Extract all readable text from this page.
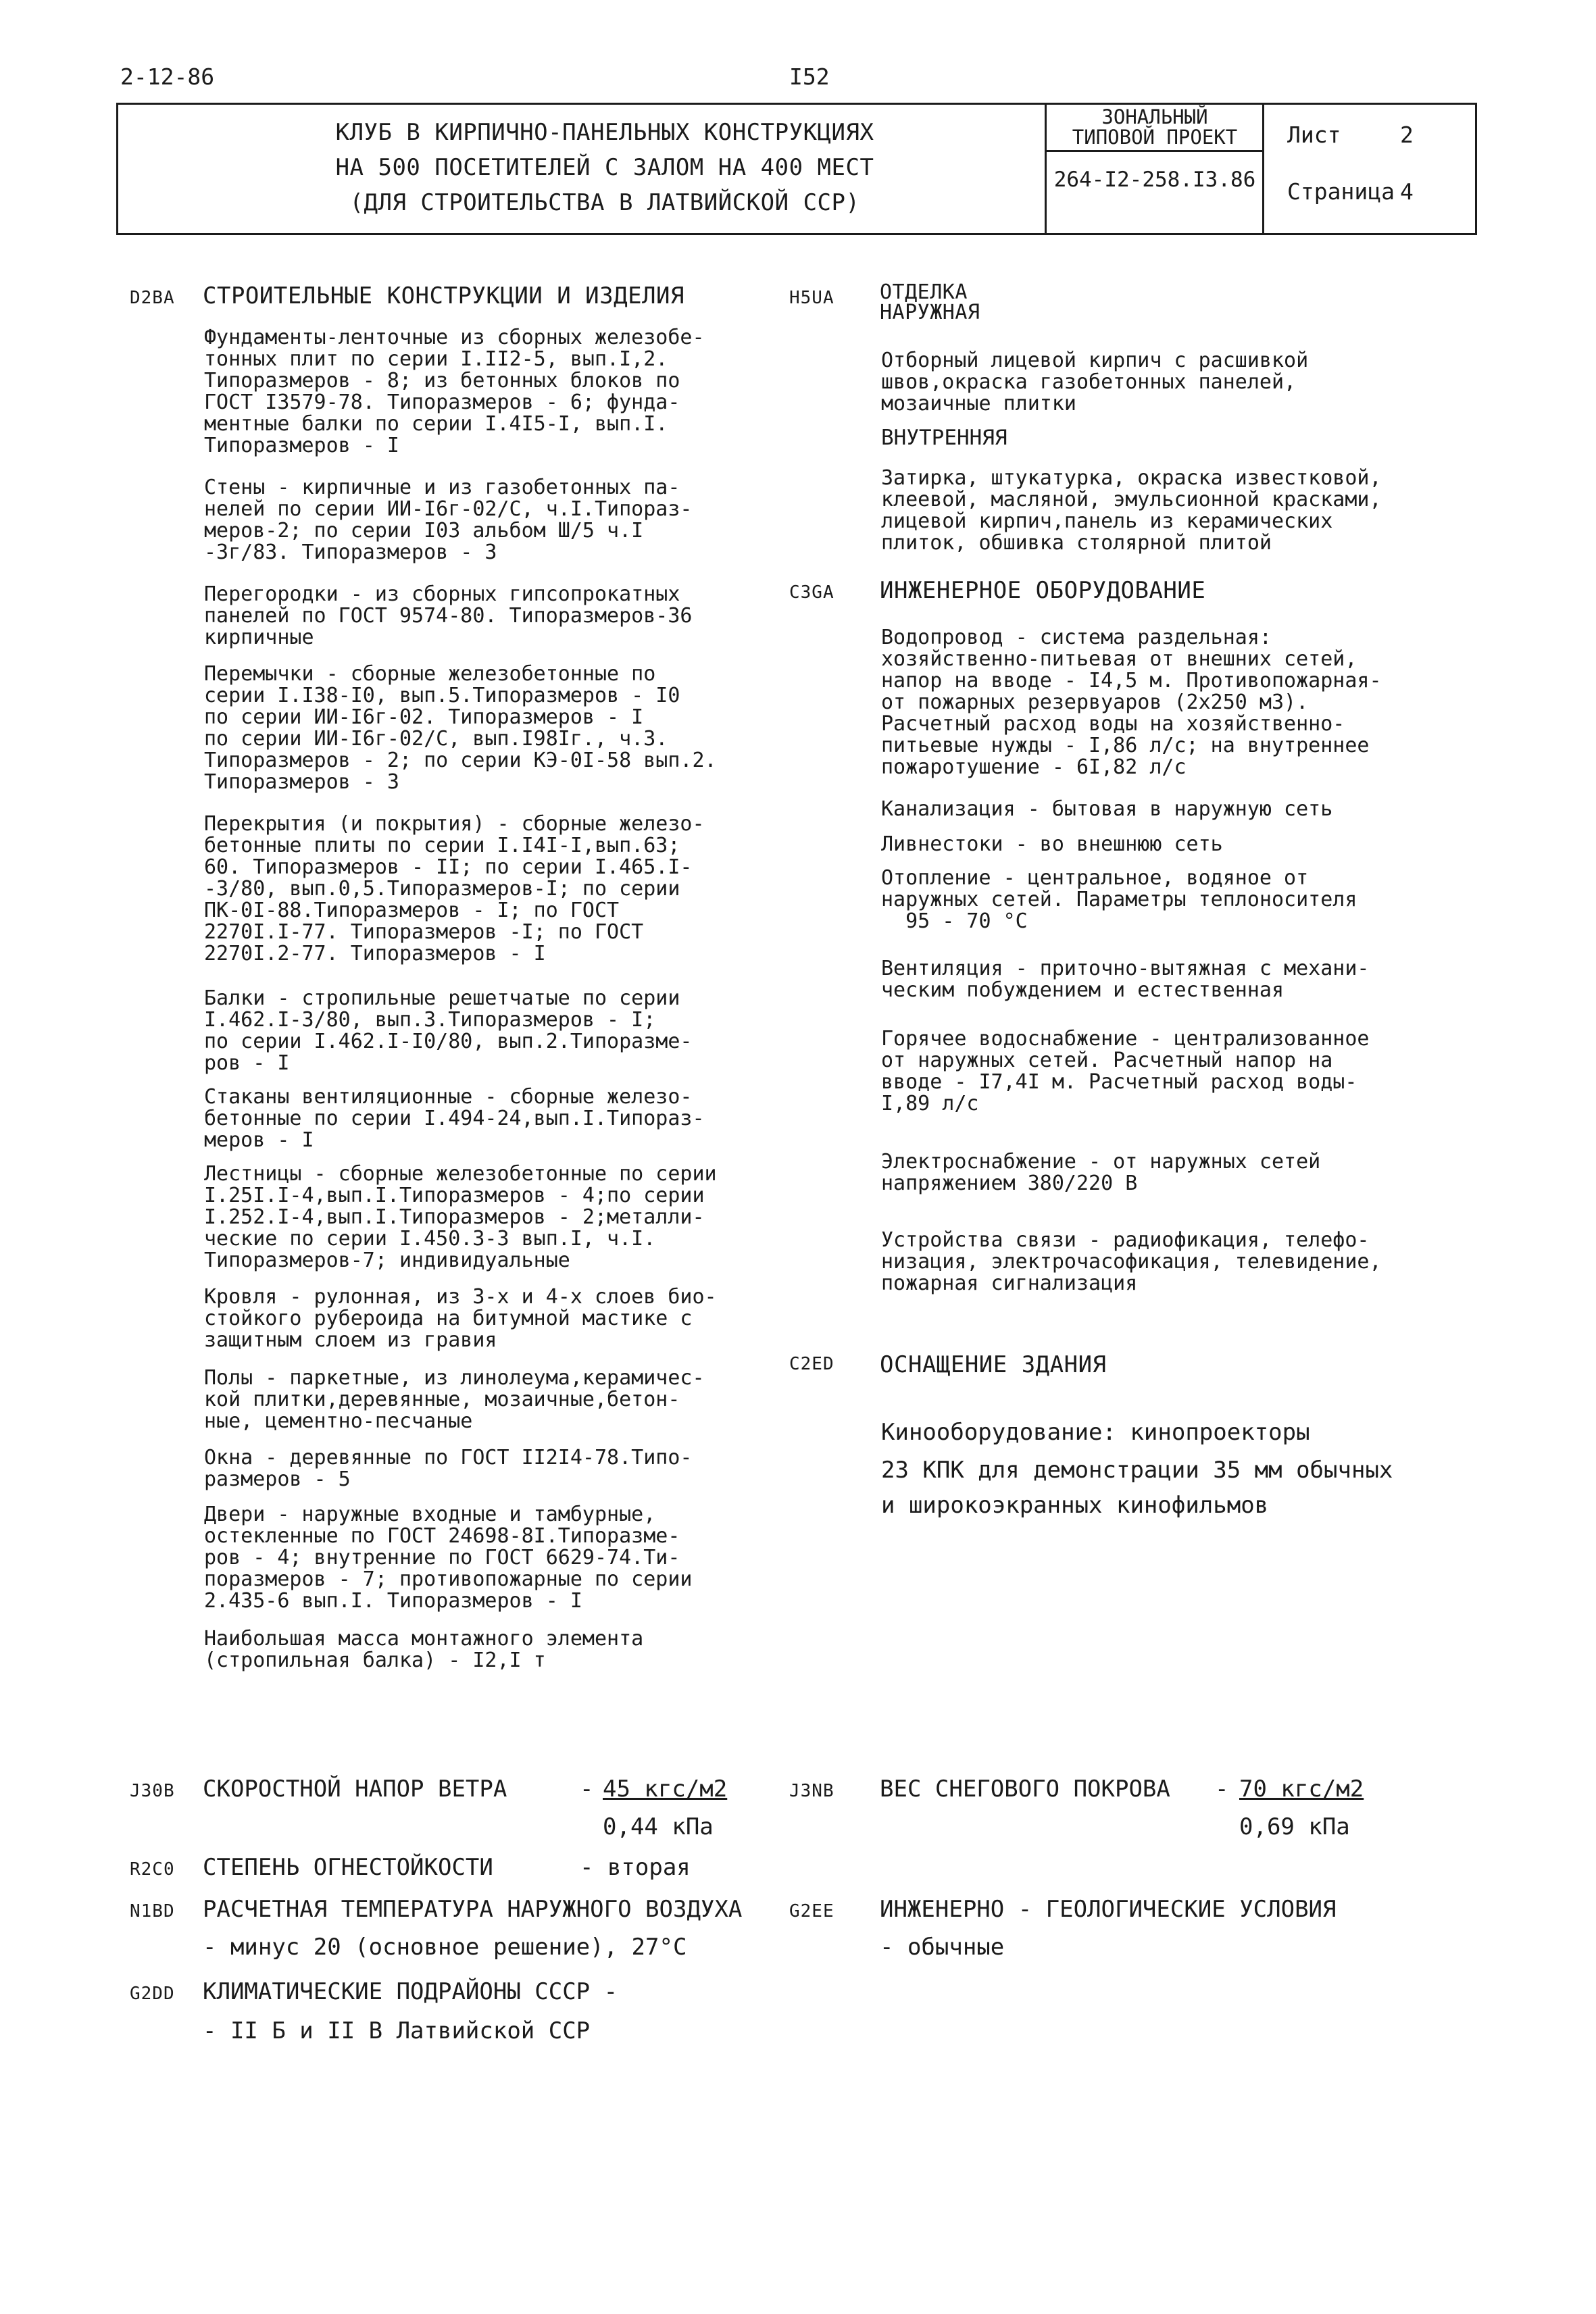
2-12-86	I52
КЛУБ В КИРПИЧНО-ПАНЕЛЬНЫХ КОНСТРУКЦИЯХ
НА 500 ПОСЕТИТЕЛЕЙ С ЗАЛОМ НА 400 МЕСТ
(ДЛЯ СТРОИТЕЛЬСТВА В ЛАТВИЙСКОЙ ССР)
ЗОНАЛЬНЫЙ
ТИПОВОЙ ПРОЕКТ
264-I2-258.I3.86
Лист	2
Страница 4
D2BA СТРОИТЕЛЬНЫЕ КОНСТРУКЦИИ И ИЗДЕЛИЯ
Фундаменты-ленточные из сборных железобе-
тонных плит по серии I.II2-5, вып.I,2.
Типоразмеров - 8; из бетонных блоков по
ГОСТ I3579-78. Типоразмеров - 6; фунда-
ментные балки по серии I.4I5-I, вып.I.
Типоразмеров - I
Стены - кирпичные и из газобетонных па-
нелей по серии ИИ-I6г-02/С, ч.I.Типораз-
меров-2; по серии I03 альбом Ш/5 ч.I
-3г/83. Типоразмеров - 3
Перегородки - из сборных гипсопрокатных
панелей по ГОСТ 9574-80. Типоразмеров-36
кирпичные
Перемычки - сборные железобетонные по
серии I.I38-I0, вып.5.Типоразмеров - I0
по серии ИИ-I6г-02. Типоразмеров - I
по серии ИИ-I6г-02/С, вып.I98Iг., ч.3.
Типоразмеров - 2; по серии КЭ-0I-58 вып.2.
Типоразмеров - 3
Перекрытия (и покрытия) - сборные железо-
бетонные плиты по серии I.I4I-I,вып.63;
60. Типоразмеров - II; по серии I.465.I-
-3/80, вып.0,5.Типоразмеров-I; по серии
ПК-0I-88.Типоразмеров - I; по ГОСТ
2270I.I-77. Типоразмеров -I; по ГОСТ
2270I.2-77. Типоразмеров - I
Балки - стропильные решетчатые по серии
I.462.I-3/80, вып.3.Типоразмеров - I;
по серии I.462.I-I0/80, вып.2.Типоразме-
ров - I
Стаканы вентиляционные - сборные железо-
бетонные по серии I.494-24,вып.I.Типораз-
меров - I
Лестницы - сборные железобетонные по серии
I.25I.I-4,вып.I.Типоразмеров - 4;по серии
I.252.I-4,вып.I.Типоразмеров - 2;металли-
ческие по серии I.450.3-3 вып.I, ч.I.
Типоразмеров-7; индивидуальные
Кровля - рулонная, из 3-х и 4-х слоев био-
стойкого рубероида на битумной мастике с
защитным слоем из гравия
Полы - паркетные, из линолеума,керамичес-
кой плитки,деревянные, мозаичные,бетон-
ные, цементно-песчаные
Окна - деревянные по ГОСТ II2I4-78.Типо-
размеров - 5
Двери - наружные входные и тамбурные,
остекленные по ГОСТ 24698-8I.Типоразме-
ров - 4; внутренние по ГОСТ 6629-74.Ти-
поразмеров - 7; противопожарные по серии
2.435-6 вып.I. Типоразмеров - I
Наибольшая масса монтажного элемента
(стропильная балка) - I2,I т
H5UA ОТДЕЛКА
НАРУЖНАЯ
Отборный лицевой кирпич с расшивкой
швов,окраска газобетонных панелей,
мозаичные плитки
ВНУТРЕННЯЯ
Затирка, штукатурка, окраска известковой,
клеевой, масляной, эмульсионной красками,
лицевой кирпич,панель из керамических
плиток, обшивка столярной плитой
C3GA ИНЖЕНЕРНОЕ ОБОРУДОВАНИЕ
Водопровод - система раздельная:
хозяйственно-питьевая от внешних сетей,
напор на вводе - I4,5 м. Противопожарная-
от пожарных резервуаров (2х250 м3).
Расчетный расход воды на хозяйственно-
питьевые нужды - I,86 л/с; на внутреннее
пожаротушение - 6I,82 л/с
Канализация - бытовая в наружную сеть
Ливнестоки - во внешнюю сеть
Отопление - центральное, водяное от
наружных сетей. Параметры теплоносителя
95 - 70 °С
Вентиляция - приточно-вытяжная с механи-
ческим побуждением и естественная
Горячее водоснабжение - централизованное
от наружных сетей. Расчетный напор на
вводе - I7,4I м. Расчетный расход воды-
I,89 л/с
Электроснабжение - от наружных сетей
напряжением 380/220 В
Устройства связи - радиофикация, телефо-
низация, электрочасофикация, телевидение,
пожарная сигнализация
C2ED ОСНАЩЕНИЕ ЗДАНИЯ
Кинооборудование: кинопроекторы
23 КПК для демонстрации 35 мм обычных
и широкоэкранных кинофильмов
J30B СКОРОСТНОЙ НАПОР ВЕТРА	- 45 кгс/м2
0,44 кПа
J3NB ВЕС СНЕГОВОГО ПОКРОВА - 70 кгс/м2
0,69 кПа
R2C0 СТЕПЕНЬ ОГНЕСТОЙКОСТИ	- вторая
N1BD РАСЧЕТНАЯ ТЕМПЕРАТУРА НАРУЖНОГО ВОЗДУХА
- минус 20 (основное решение), 27°С
G2EE ИНЖЕНЕРНО - ГЕОЛОГИЧЕСКИЕ УСЛОВИЯ
- обычные
G2DD КЛИМАТИЧЕСКИЕ ПОДРАЙОНЫ СССР -
- II Б и II В Латвийской ССР
